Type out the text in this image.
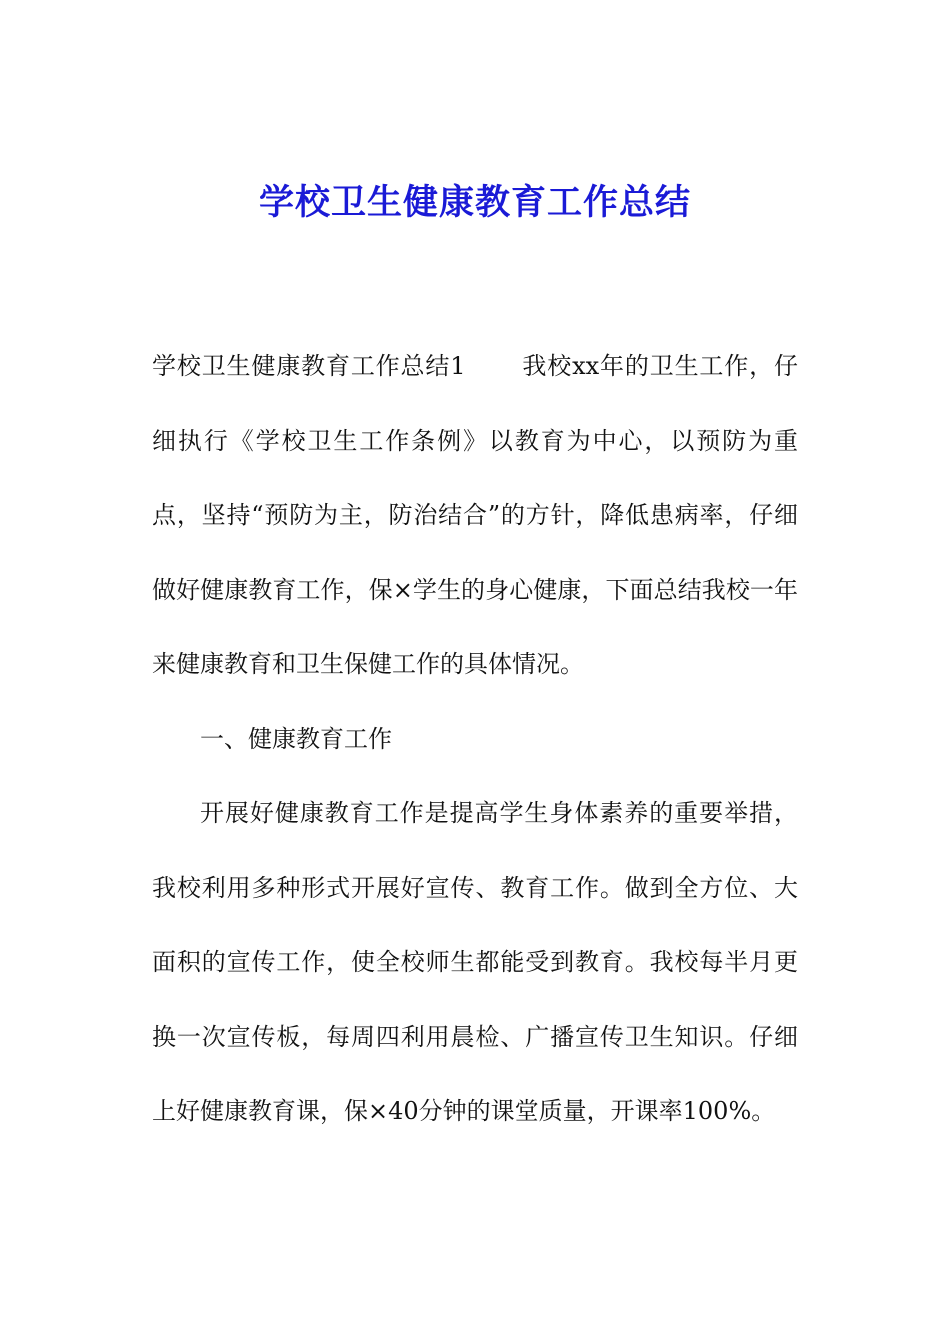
学校卫生健康教育工作总结

学校卫生健康教育工作总结1 我校xx年的卫生工作，仔细执行《学校卫生工作条例》以教育为中心，以预防为重点，坚持“预防为主，防治结合”的方针，降低患病率，仔细做好健康教育工作，保×学生的身心健康，下面总结我校一年来健康教育和卫生保健工作的具体情况。

一、健康教育工作

开展好健康教育工作是提高学生身体素养的重要举措，我校利用多种形式开展好宣传、教育工作。做到全方位、大面积的宣传工作，使全校师生都能受到教育。我校每半月更换一次宣传板，每周四利用晨检、广播宣传卫生知识。仔细上好健康教育课，保×40分钟的课堂质量，开课率100%。
